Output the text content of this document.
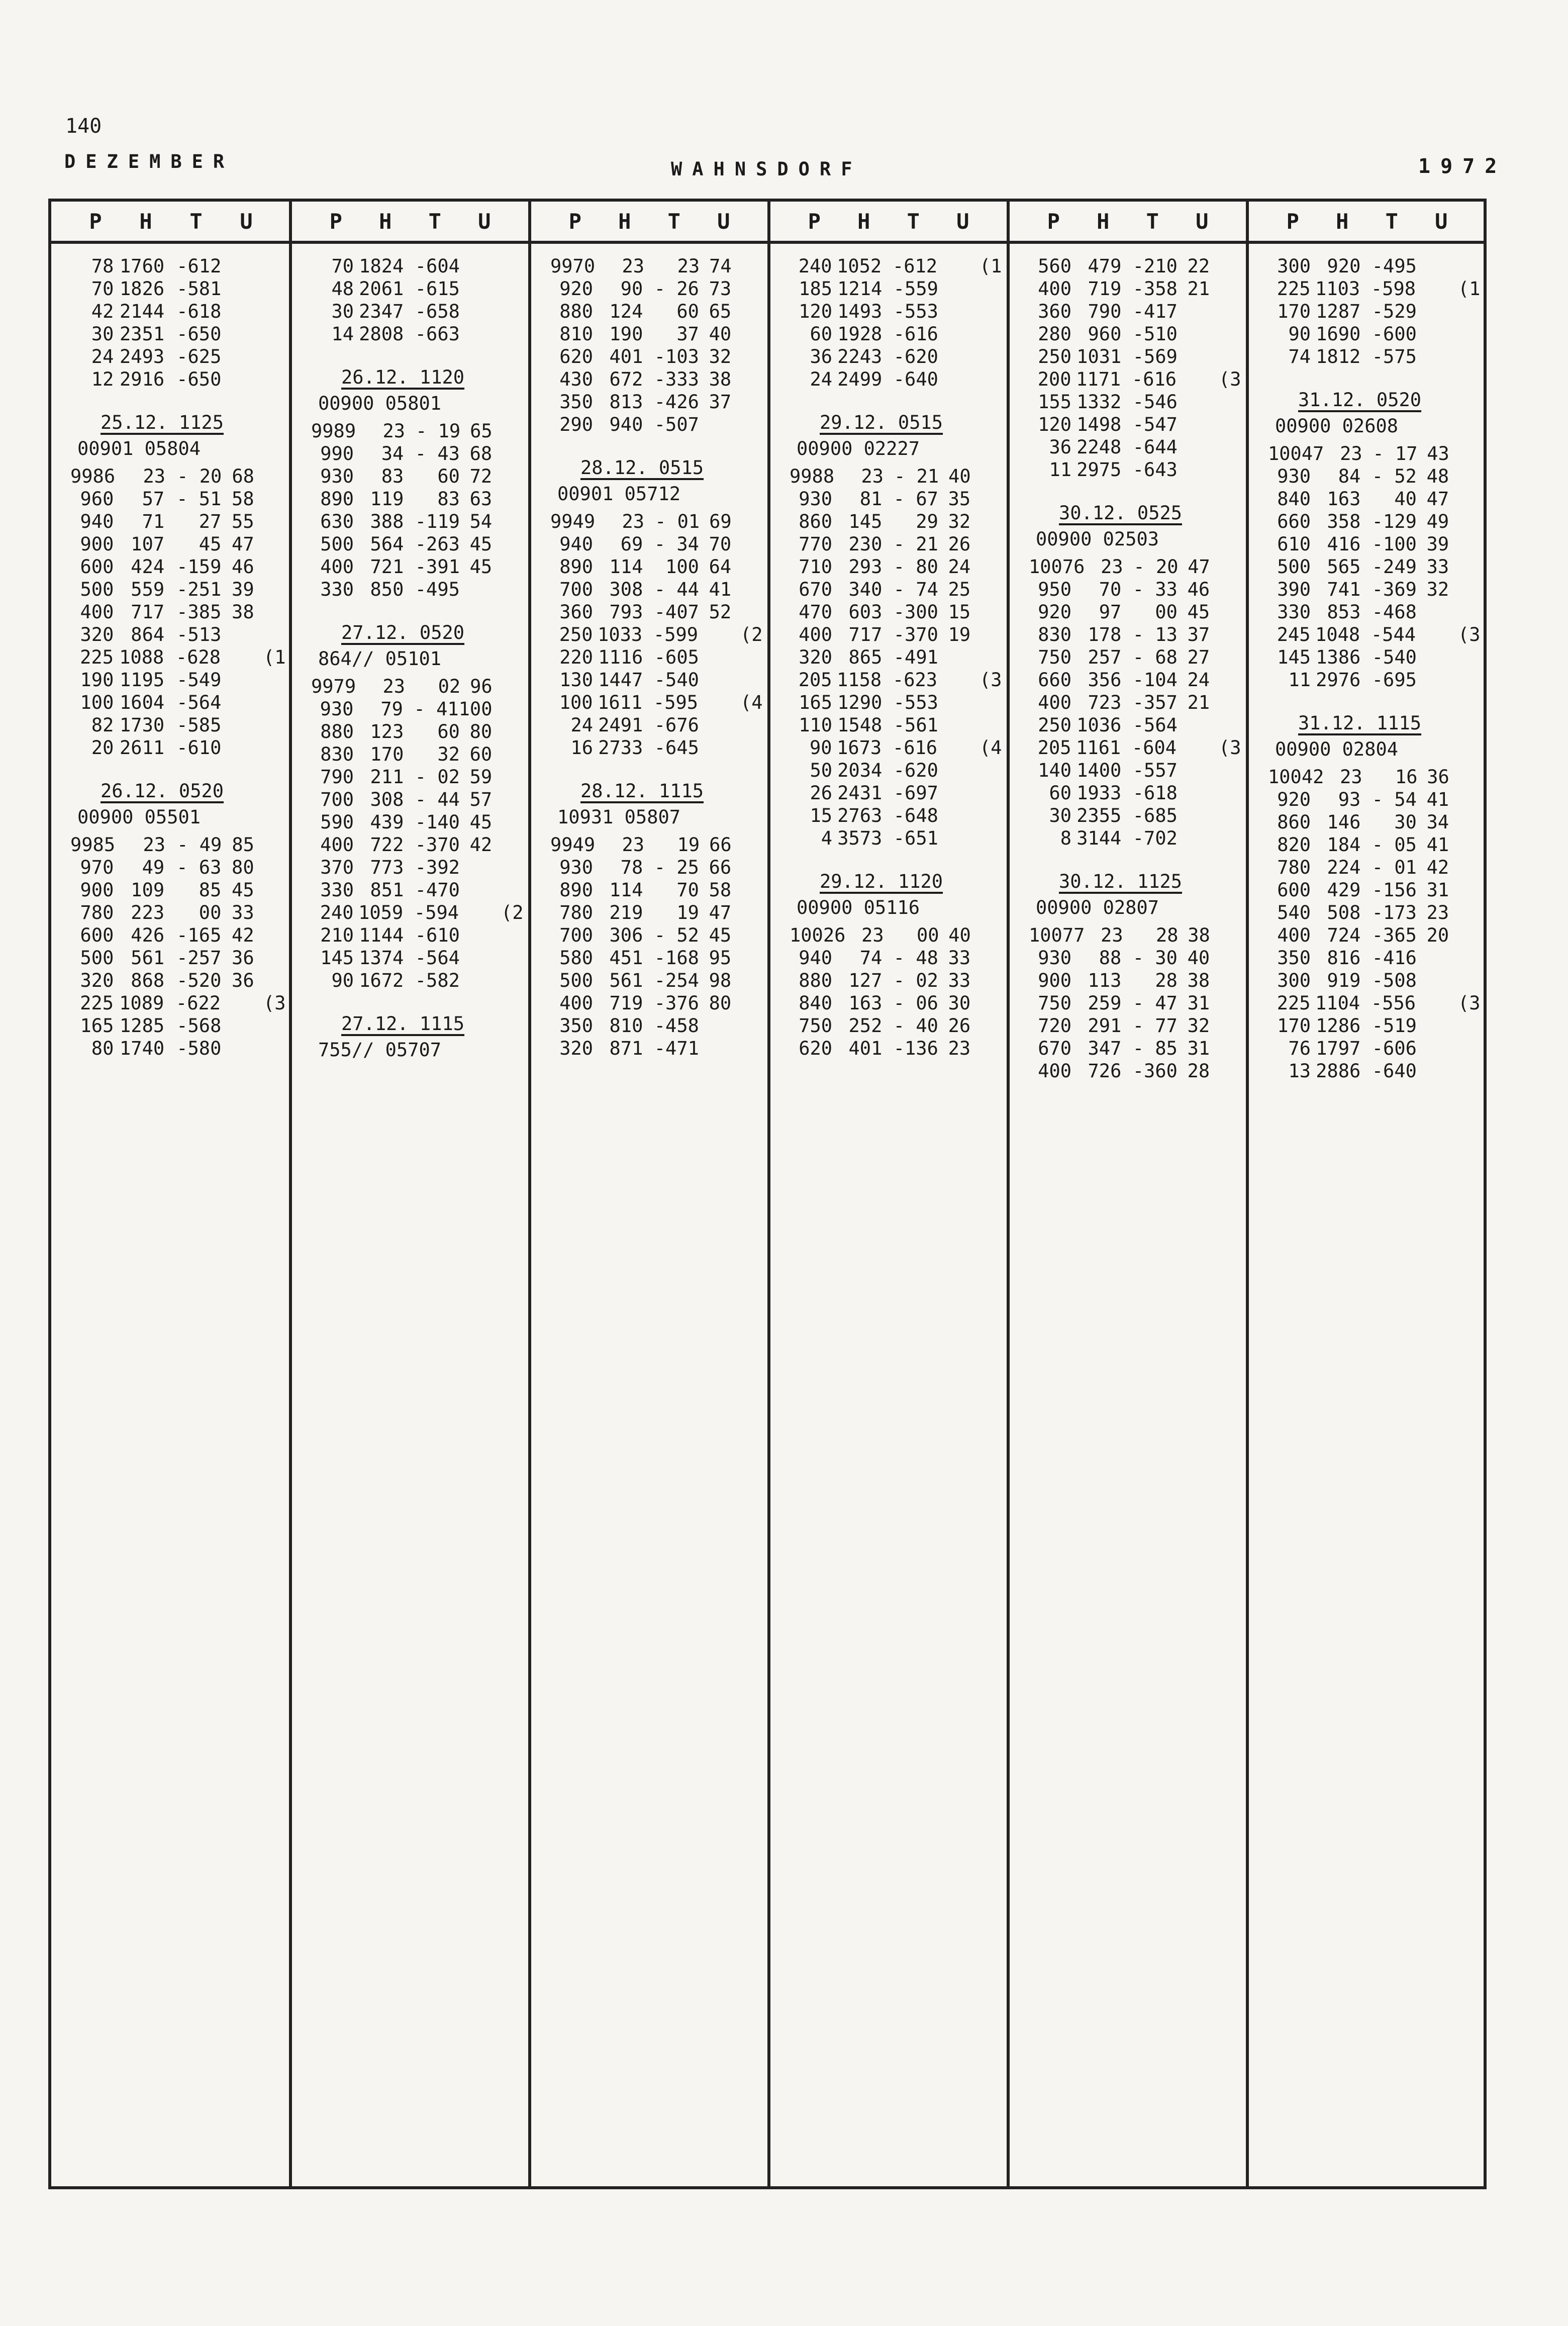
140
DEZEMBER	WAHNSDORF	1972
P H T U
78 1760 -612
70 1826 -581
42 2144 -618
30 2351 -650
24 2493 -625
12 2916 -650
25.12. 1125
00901 05804
9986	23 - 20 68
960	57 - 51 58
940	71	27 55
900 107	45 47
600 424 -159 46
500 559 -251 39
400 717 -385 38
320 864 -513
225 1088 -628	(1
190 1195 -549
100 1604 -564
82 1730 -585
20 2611 -610
26.12. 0520
00900 05501
9985	23 - 49 85
970	49 - 63 80
900 109	85 45
780 223	00 33
600 426 -165 42
500 561 -257 36
320 868 -520 36
225 1089 -622	(3
165 1285 -568
80 1740 -580
P H T U
70 1824 -604
48 2061 -615
30 2347 -658
14 2808 -663
26.12. 1120
00900 05801
9989	23 - 19 65
990	34 - 43 68
930	83	60 72
890 119	83 63
630 388 -119 54
500 564 -263 45
400 721 -391 45
330 850 -495
27.12. 0520
864// 05101
9979	23	02 96
930	79 - 41 100
880 123	60 80
830 170	32 60
790 211 - 02 59
700 308 - 44 57
590 439 -140 45
400 722 -370 42
370 773 -392
330 851 -470
240 1059 -594	(2
210 1144 -610
145 1374 -564
90 1672 -582
27.12. 1115
755// 05707
P H T U
9970	23	23 74
920	90 - 26 73
880 124	60 65
810 190	37 40
620 401 -103 32
430 672 -333 38
350 813 -426 37
290 940 -507
28.12. 0515
00901 05712
9949	23 - 01 69
940	69 - 34 70
890 114	100 64
700 308 - 44 41
360 793 -407 52
250 1033 -599	(2
220 1116 -605
130 1447 -540
100 1611 -595	(4
24 2491 -676
16 2733 -645
28.12. 1115
10931 05807
9949	23	19 66
930	78 - 25 66
890 114	70 58
780 219	19 47
700 306 - 52 45
580 451 -168 95
500 561 -254 98
400 719 -376 80
350 810 -458
320 871 -471
P H T U
240 1052 -612	(1
185 1214 -559
120 1493 -553
60 1928 -616
36 2243 -620
24 2499 -640
29.12. 0515
00900 02227
9988	23 - 21 40
930	81 - 67 35
860 145	29 32
770 230 - 21 26
710 293 - 80 24
670 340 - 74 25
470 603 -300 15
400 717 -370 19
320 865 -491
205 1158 -623	(3
165 1290 -553
110 1548 -561
90 1673 -616	(4
50 2034 -620
26 2431 -697
15 2763 -648
4 3573 -651
29.12. 1120
00900 05116
10026 23	00 40
940	74 - 48 33
880 127 - 02 33
840 163 - 06 30
750 252 - 40 26
620 401 -136 23
P H T U
560 479 -210 22
400 719 -358 21
360 790 -417
280 960 -510
250 1031 -569
200 1171 -616	(3
155 1332 -546
120 1498 -547
36 2248 -644
11 2975 -643
30.12. 0525
00900 02503
10076 23 - 20 47
950	70 - 33 46
920	97	00 45
830 178 - 13 37
750 257 - 68 27
660 356 -104 24
400 723 -357 21
250 1036 -564
205 1161 -604	(3
140 1400 -557
60 1933 -618
30 2355 -685
8 3144 -702
30.12. 1125
00900 02807
10077 23	28 38
930	88 - 30 40
900 113	28 38
750 259 - 47 31
720 291 - 77 32
670 347 - 85 31
400 726 -360 28
P H T U
300 920 -495
225 1103 -598	(1
170 1287 -529
90 1690 -600
74 1812 -575
31.12. 0520
00900 02608
10047 23 - 17 43
930	84 - 52 48
840 163	40 47
660 358 -129 49
610 416 -100 39
500 565 -249 33
390 741 -369 32
330 853 -468
245 1048 -544	(3
145 1386 -540
11 2976 -695
31.12. 1115
00900 02804
10042 23	16 36
920	93 - 54 41
860 146	30 34
820 184 - 05 41
780 224 - 01 42
600 429 -156 31
540 508 -173 23
400 724 -365 20
350 816 -416
300 919 -508
225 1104 -556	(3
170 1286 -519
76 1797 -606
13 2886 -640
